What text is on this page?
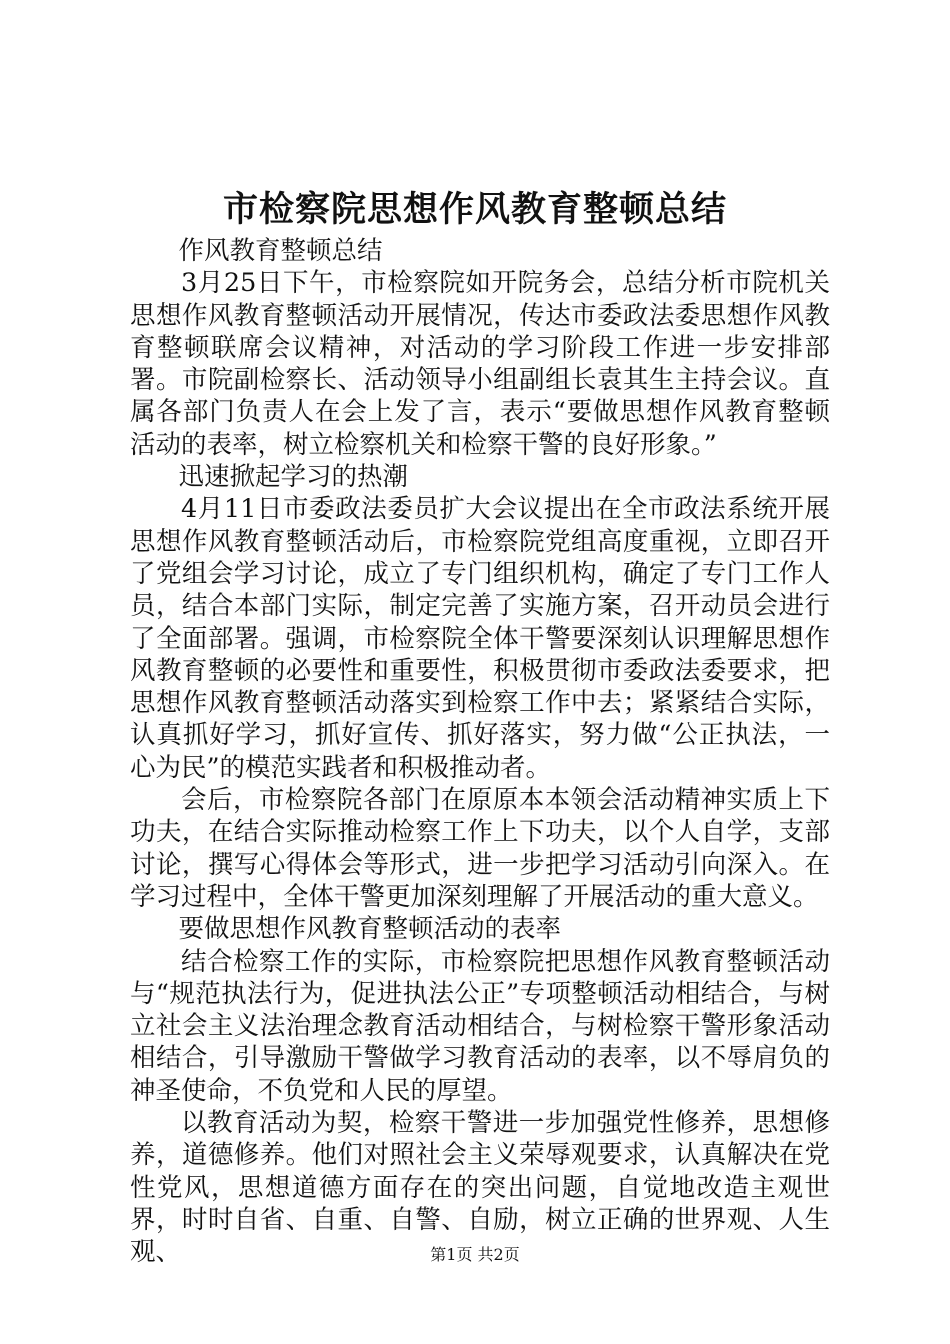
市检察院思想作风教育整顿总结

作风教育整顿总结

3月25日下午，市检察院如开院务会，总结分析市院机关思想作风教育整顿活动开展情况，传达市委政法委思想作风教育整顿联席会议精神，对活动的学习阶段工作进一步安排部署。市院副检察长、活动领导小组副组长袁其生主持会议。直属各部门负责人在会上发了言，表示“要做思想作风教育整顿活动的表率，树立检察机关和检察干警的良好形象。”

迅速掀起学习的热潮

4月11日市委政法委员扩大会议提出在全市政法系统开展思想作风教育整顿活动后，市检察院党组高度重视，立即召开了党组会学习讨论，成立了专门组织机构，确定了专门工作人员，结合本部门实际，制定完善了实施方案，召开动员会进行了全面部署。强调，市检察院全体干警要深刻认识理解思想作风教育整顿的必要性和重要性，积极贯彻市委政法委要求，把思想作风教育整顿活动落实到检察工作中去；紧紧结合实际，认真抓好学习，抓好宣传、抓好落实，努力做“公正执法，一心为民”的模范实践者和积极推动者。

会后，市检察院各部门在原原本本领会活动精神实质上下功夫，在结合实际推动检察工作上下功夫，以个人自学，支部讨论，撰写心得体会等形式，进一步把学习活动引向深入。在学习过程中，全体干警更加深刻理解了开展活动的重大意义。

要做思想作风教育整顿活动的表率

结合检察工作的实际，市检察院把思想作风教育整顿活动与“规范执法行为，促进执法公正”专项整顿活动相结合，与树立社会主义法治理念教育活动相结合，与树检察干警形象活动相结合，引导激励干警做学习教育活动的表率，以不辱肩负的神圣使命，不负党和人民的厚望。

以教育活动为契，检察干警进一步加强党性修养，思想修养，道德修养。他们对照社会主义荣辱观要求，认真解决在党性党风，思想道德方面存在的突出问题，自觉地改造主观世界，时时自省、自重、自警、自励，树立正确的世界观、人生观、	第1页 共2页
